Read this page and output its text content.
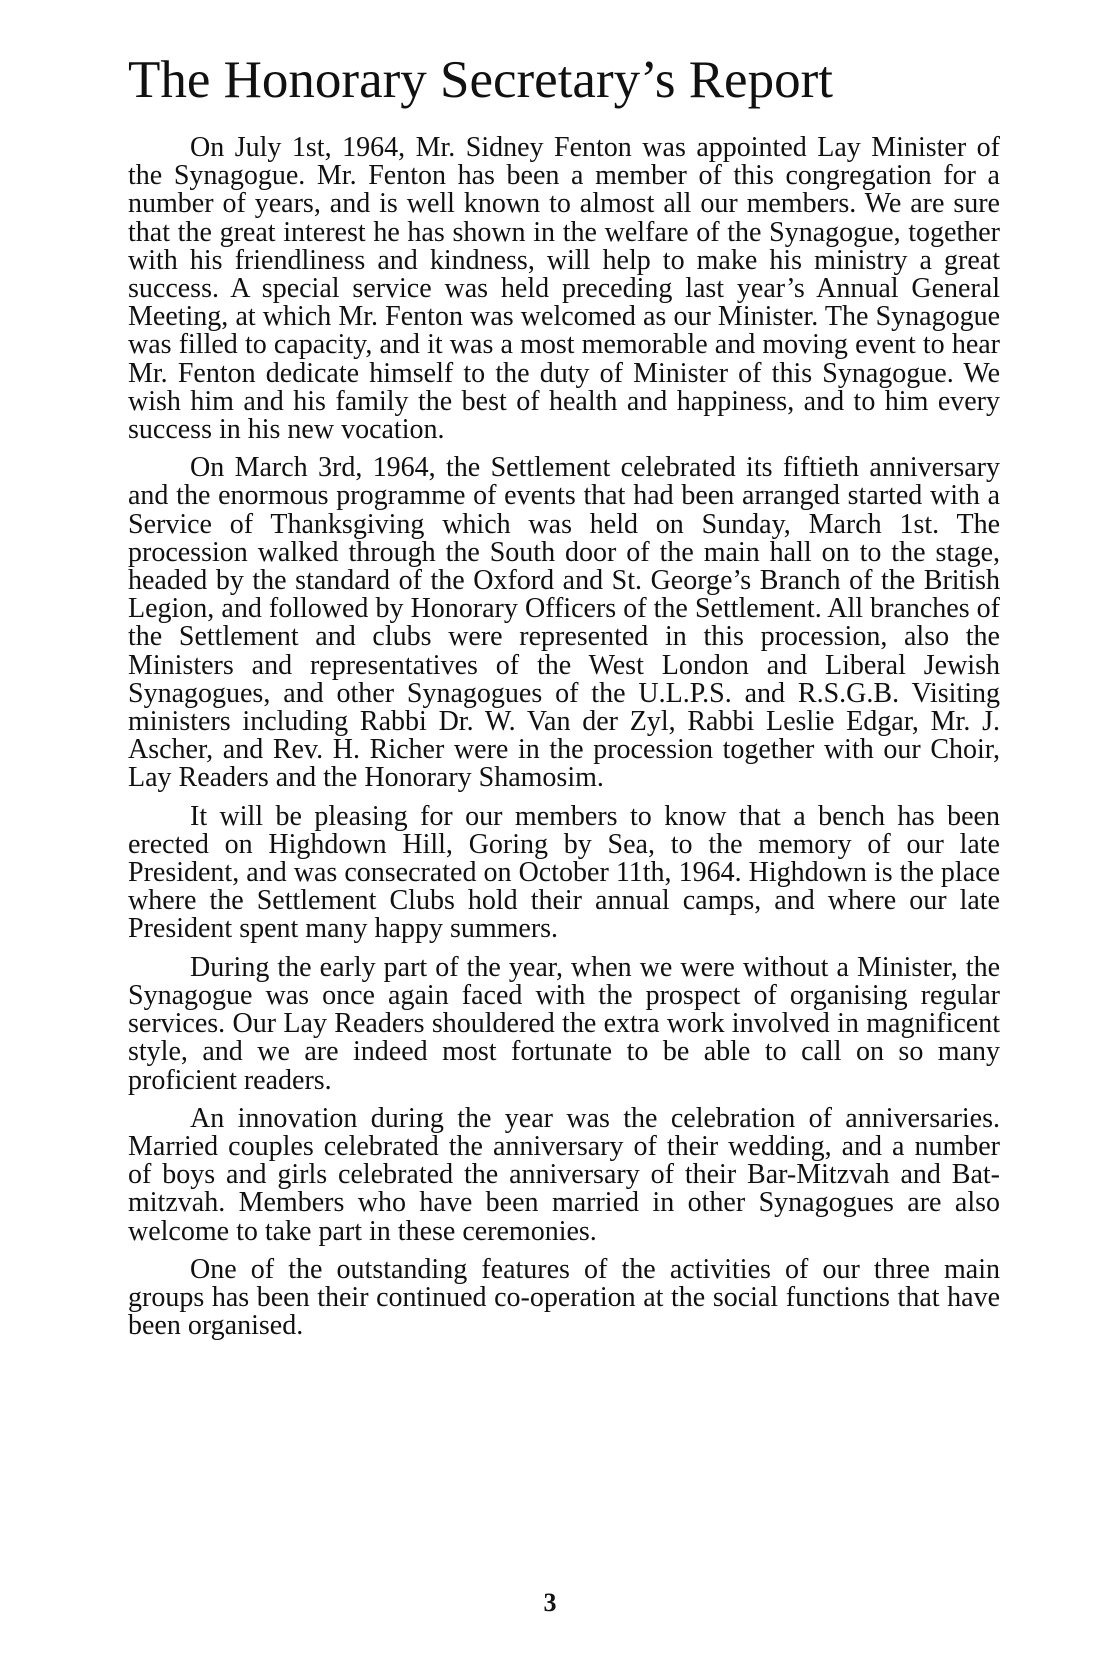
The Honorary Secretary’s Report

On July 1st, 1964, Mr. Sidney Fenton was appointed Lay Minister of the Synagogue. Mr. Fenton has been a member of this congregation for a number of years, and is well known to almost all our members. We are sure that the great interest he has shown in the welfare of the Synagogue, together with his friendliness and kindness, will help to make his ministry a great success. A special service was held preceding last year’s Annual General Meeting, at which Mr. Fenton was welcomed as our Minister. The Synagogue was filled to capacity, and it was a most memorable and moving event to hear Mr. Fenton dedicate himself to the duty of Minister of this Synagogue. We wish him and his family the best of health and happiness, and to him every success in his new vocation.

On March 3rd, 1964, the Settlement celebrated its fiftieth anniversary and the enormous programme of events that had been arranged started with a Service of Thanksgiving which was held on Sunday, March 1st. The procession walked through the South door of the main hall on to the stage, headed by the standard of the Oxford and St. George’s Branch of the British Legion, and followed by Honorary Officers of the Settlement. All branches of the Settlement and clubs were represented in this procession, also the Ministers and representatives of the West London and Liberal Jewish Synagogues, and other Synagogues of the U.L.P.S. and R.S.G.B. Visiting ministers including Rabbi Dr. W. Van der Zyl, Rabbi Leslie Edgar, Mr. J. Ascher, and Rev. H. Richer were in the procession together with our Choir, Lay Readers and the Honorary Shamosim.

It will be pleasing for our members to know that a bench has been erected on Highdown Hill, Goring by Sea, to the memory of our late President, and was consecrated on October 11th, 1964. Highdown is the place where the Settlement Clubs hold their annual camps, and where our late President spent many happy summers.

During the early part of the year, when we were without a Minister, the Synagogue was once again faced with the prospect of organising regular services. Our Lay Readers shouldered the extra work involved in magnificent style, and we are indeed most fortunate to be able to call on so many proficient readers.

An innovation during the year was the celebration of anniversaries. Married couples celebrated the anniversary of their wedding, and a number of boys and girls celebrated the anniversary of their Bar-Mitzvah and Bat-mitzvah. Members who have been married in other Synagogues are also welcome to take part in these ceremonies.

One of the outstanding features of the activities of our three main groups has been their continued co-operation at the social functions that have been organised.

3
